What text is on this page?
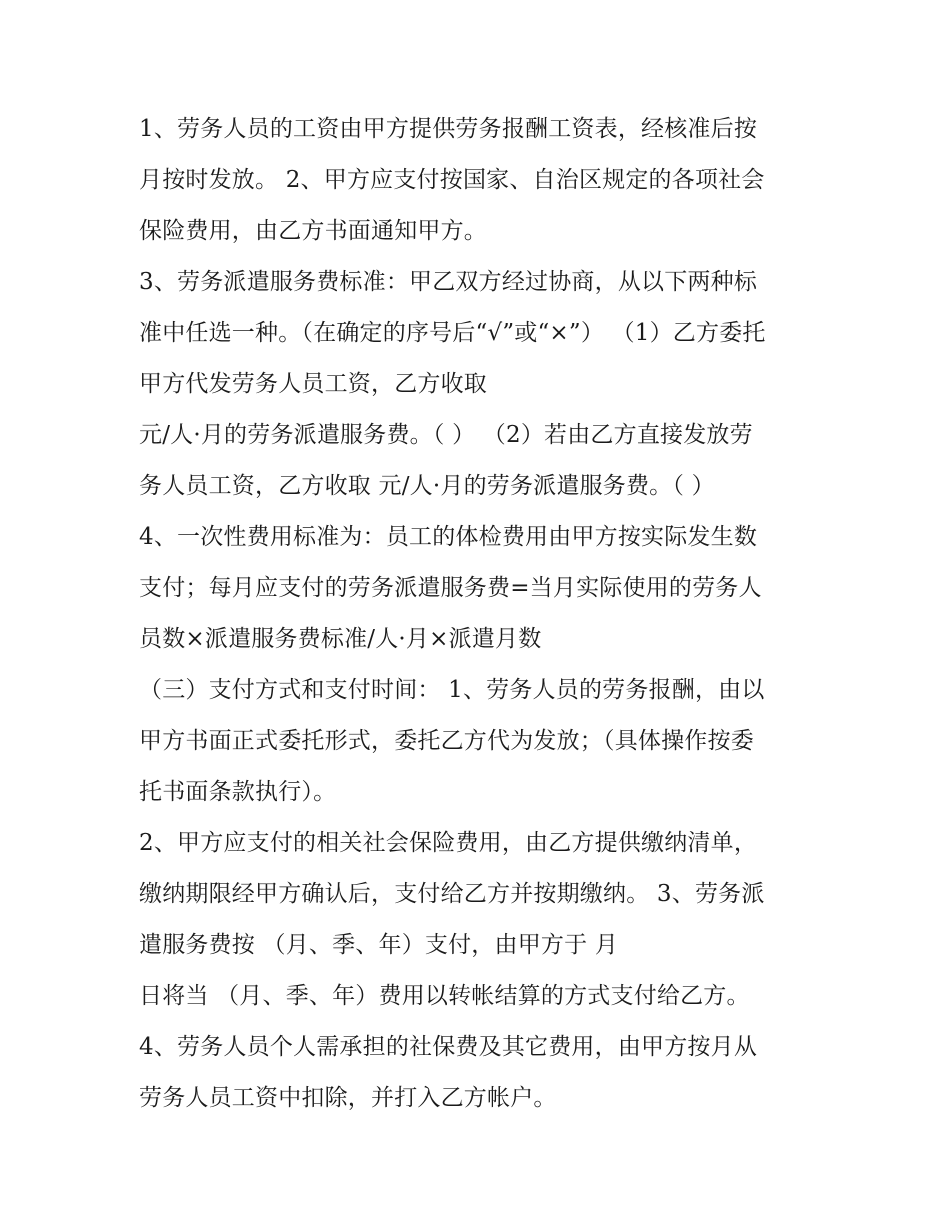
1、劳务人员的工资由甲方提供劳务报酬工资表，经核准后按
月按时发放。 2、甲方应支付按国家、自治区规定的各项社会
保险费用，由乙方书面通知甲方。
3、劳务派遣服务费标准：甲乙双方经过协商，从以下两种标
准中任选一种。（在确定的序号后“√”或“×”） （1）乙方委托
甲方代发劳务人员工资，乙方收取
元/人·月的劳务派遣服务费。（ ） （2）若由乙方直接发放劳
务人员工资，乙方收取 元/人·月的劳务派遣服务费。（ ）
4、一次性费用标准为：员工的体检费用由甲方按实际发生数
支付；每月应支付的劳务派遣服务费=当月实际使用的劳务人
员数×派遣服务费标准/人·月×派遣月数
（三）支付方式和支付时间： 1、劳务人员的劳务报酬，由以
甲方书面正式委托形式，委托乙方代为发放；（具体操作按委
托书面条款执行）。
2、甲方应支付的相关社会保险费用，由乙方提供缴纳清单，
缴纳期限经甲方确认后，支付给乙方并按期缴纳。 3、劳务派
遣服务费按 （月、季、年）支付，由甲方于 月
日将当 （月、季、年）费用以转帐结算的方式支付给乙方。
4、劳务人员个人需承担的社保费及其它费用，由甲方按月从
劳务人员工资中扣除，并打入乙方帐户。
